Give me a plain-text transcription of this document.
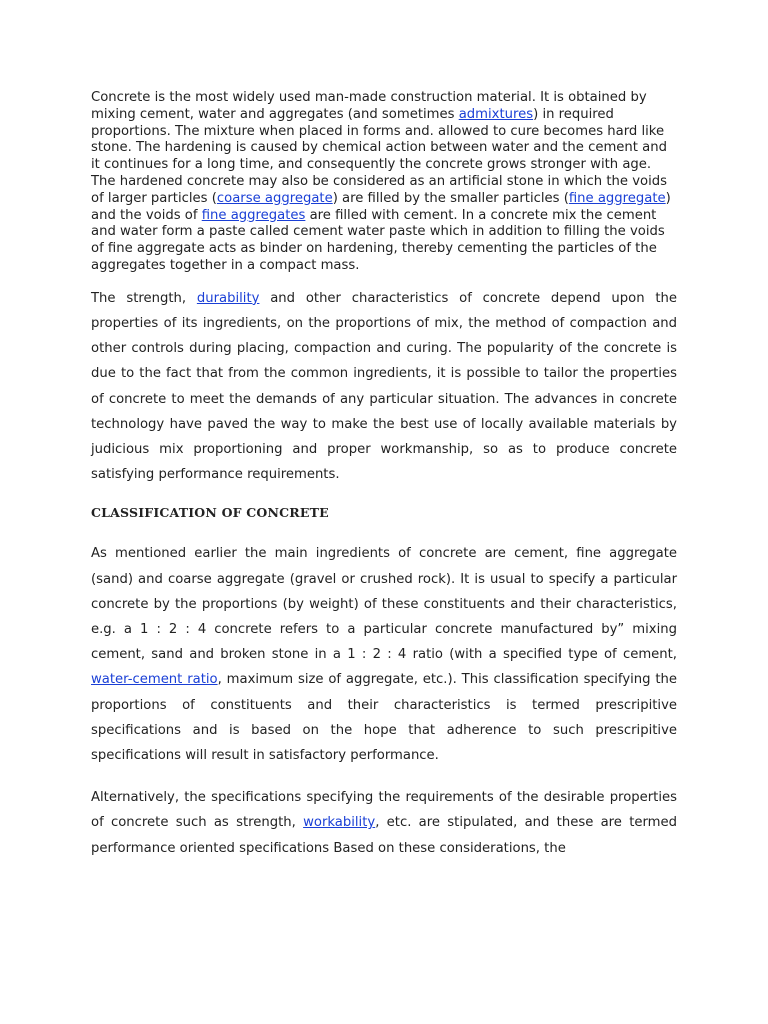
Concrete is the most widely used man-made construction material. It is obtained by mixing cement, water and aggregates (and sometimes admixtures) in required proportions. The mixture when placed in forms and. allowed to cure becomes hard like stone. The hardening is caused by chemical action between water and the cement and it continues for a long time, and consequently the concrete grows stronger with age. The hardened concrete may also be considered as an artificial stone in which the voids of larger particles (coarse aggregate) are filled by the smaller particles (fine aggregate) and the voids of fine aggregates are filled with cement. In a concrete mix the cement and water form a paste called cement water paste which in addition to filling the voids of fine aggregate acts as binder on hardening, thereby cementing the particles of the aggregates together in a compact mass.

The strength, durability and other characteristics of concrete depend upon the properties of its ingredients, on the proportions of mix, the method of compaction and other controls during placing, compaction and curing. The popularity of the concrete is due to the fact that from the common ingredients, it is possible to tailor the properties of concrete to meet the demands of any particular situation. The advances in concrete technology have paved the way to make the best use of locally available materials by judicious mix proportioning and proper workmanship, so as to produce concrete satisfying performance requirements.

CLASSIFICATION OF CONCRETE

As mentioned earlier the main ingredients of concrete are cement, fine aggregate (sand) and coarse aggregate (gravel or crushed rock). It is usual to specify a particular concrete by the proportions (by weight) of these constituents and their characteristics, e.g. a 1 : 2 : 4 concrete refers to a particular concrete manufactured by” mixing cement, sand and broken stone in a 1 : 2 : 4 ratio (with a specified type of cement, water-cement ratio, maximum size of aggregate, etc.). This classification specifying the proportions of constituents and their characteristics is termed prescripitive specifications and is based on the hope that adherence to such prescripitive specifications will result in satisfactory performance.

Alternatively, the specifications specifying the requirements of the desirable properties of concrete such as strength, workability, etc. are stipulated, and these are termed performance oriented specifications Based on these considerations, the
